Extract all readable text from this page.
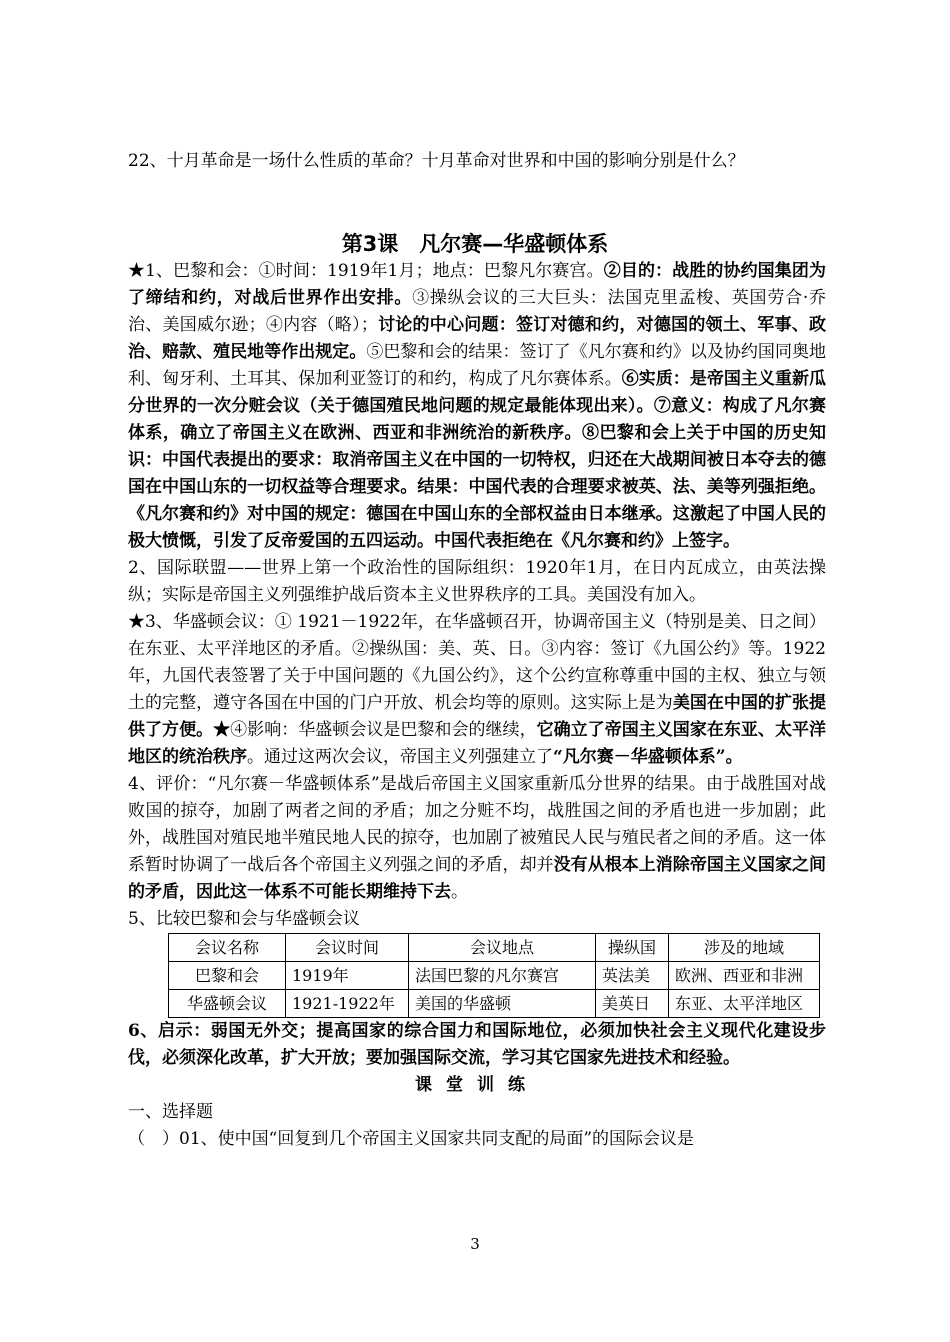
22、十月革命是一场什么性质的革命？十月革命对世界和中国的影响分别是什么？
第3课　凡尔赛—华盛顿体系

★1、巴黎和会：①时间：1919年1月；地点：巴黎凡尔赛宫。②目的：战胜的协约国集团为了缔结和约，对战后世界作出安排。③操纵会议的三大巨头：法国克里孟梭、英国劳合·乔治、美国威尔逊；④内容（略）；讨论的中心问题：签订对德和约，对德国的领土、军事、政治、赔款、殖民地等作出规定。⑤巴黎和会的结果：签订了《凡尔赛和约》以及协约国同奥地利、匈牙利、土耳其、保加利亚签订的和约，构成了凡尔赛体系。⑥实质：是帝国主义重新瓜分世界的一次分赃会议（关于德国殖民地问题的规定最能体现出来）。⑦意义：构成了凡尔赛体系，确立了帝国主义在欧洲、西亚和非洲统治的新秩序。⑧巴黎和会上关于中国的历史知识：中国代表提出的要求：取消帝国主义在中国的一切特权，归还在大战期间被日本夺去的德国在中国山东的一切权益等合理要求。结果：中国代表的合理要求被英、法、美等列强拒绝。《凡尔赛和约》对中国的规定：德国在中国山东的全部权益由日本继承。这激起了中国人民的极大愤慨，引发了反帝爱国的五四运动。中国代表拒绝在《凡尔赛和约》上签字。

2、国际联盟——世界上第一个政治性的国际组织：1920年1月，在日内瓦成立，由英法操纵；实际是帝国主义列强维护战后资本主义世界秩序的工具。美国没有加入。

★3、华盛顿会议：① 1921－1922年，在华盛顿召开，协调帝国主义（特别是美、日之间）在东亚、太平洋地区的矛盾。②操纵国：美、英、日。③内容：签订《九国公约》等。1922年，九国代表签署了关于中国问题的《九国公约》，这个公约宣称尊重中国的主权、独立与领土的完整，遵守各国在中国的门户开放、机会均等的原则。这实际上是为美国在中国的扩张提供了方便。★④影响：华盛顿会议是巴黎和会的继续，它确立了帝国主义国家在东亚、太平洋地区的统治秩序。通过这两次会议，帝国主义列强建立了“凡尔赛－华盛顿体系”。

4、评价：“凡尔赛－华盛顿体系”是战后帝国主义国家重新瓜分世界的结果。由于战胜国对战败国的掠夺，加剧了两者之间的矛盾；加之分赃不均，战胜国之间的矛盾也进一步加剧；此外，战胜国对殖民地半殖民地人民的掠夺，也加剧了被殖民人民与殖民者之间的矛盾。这一体系暂时协调了一战后各个帝国主义列强之间的矛盾，却并没有从根本上消除帝国主义国家之间的矛盾，因此这一体系不可能长期维持下去。

5、比较巴黎和会与华盛顿会议

会议名称	会议时间	会议地点	操纵国	涉及的地域
巴黎和会	1919年	法国巴黎的凡尔赛宫	英法美	欧洲、西亚和非洲
华盛顿会议	1921-1922年	美国的华盛顿	美英日	东亚、太平洋地区

6、启示：弱国无外交；提高国家的综合国力和国际地位，必须加快社会主义现代化建设步伐，必须深化改革，扩大开放；要加强国际交流，学习其它国家先进技术和经验。

课堂训练

一、选择题

（　）01、使中国“回复到几个帝国主义国家共同支配的局面”的国际会议是

3
